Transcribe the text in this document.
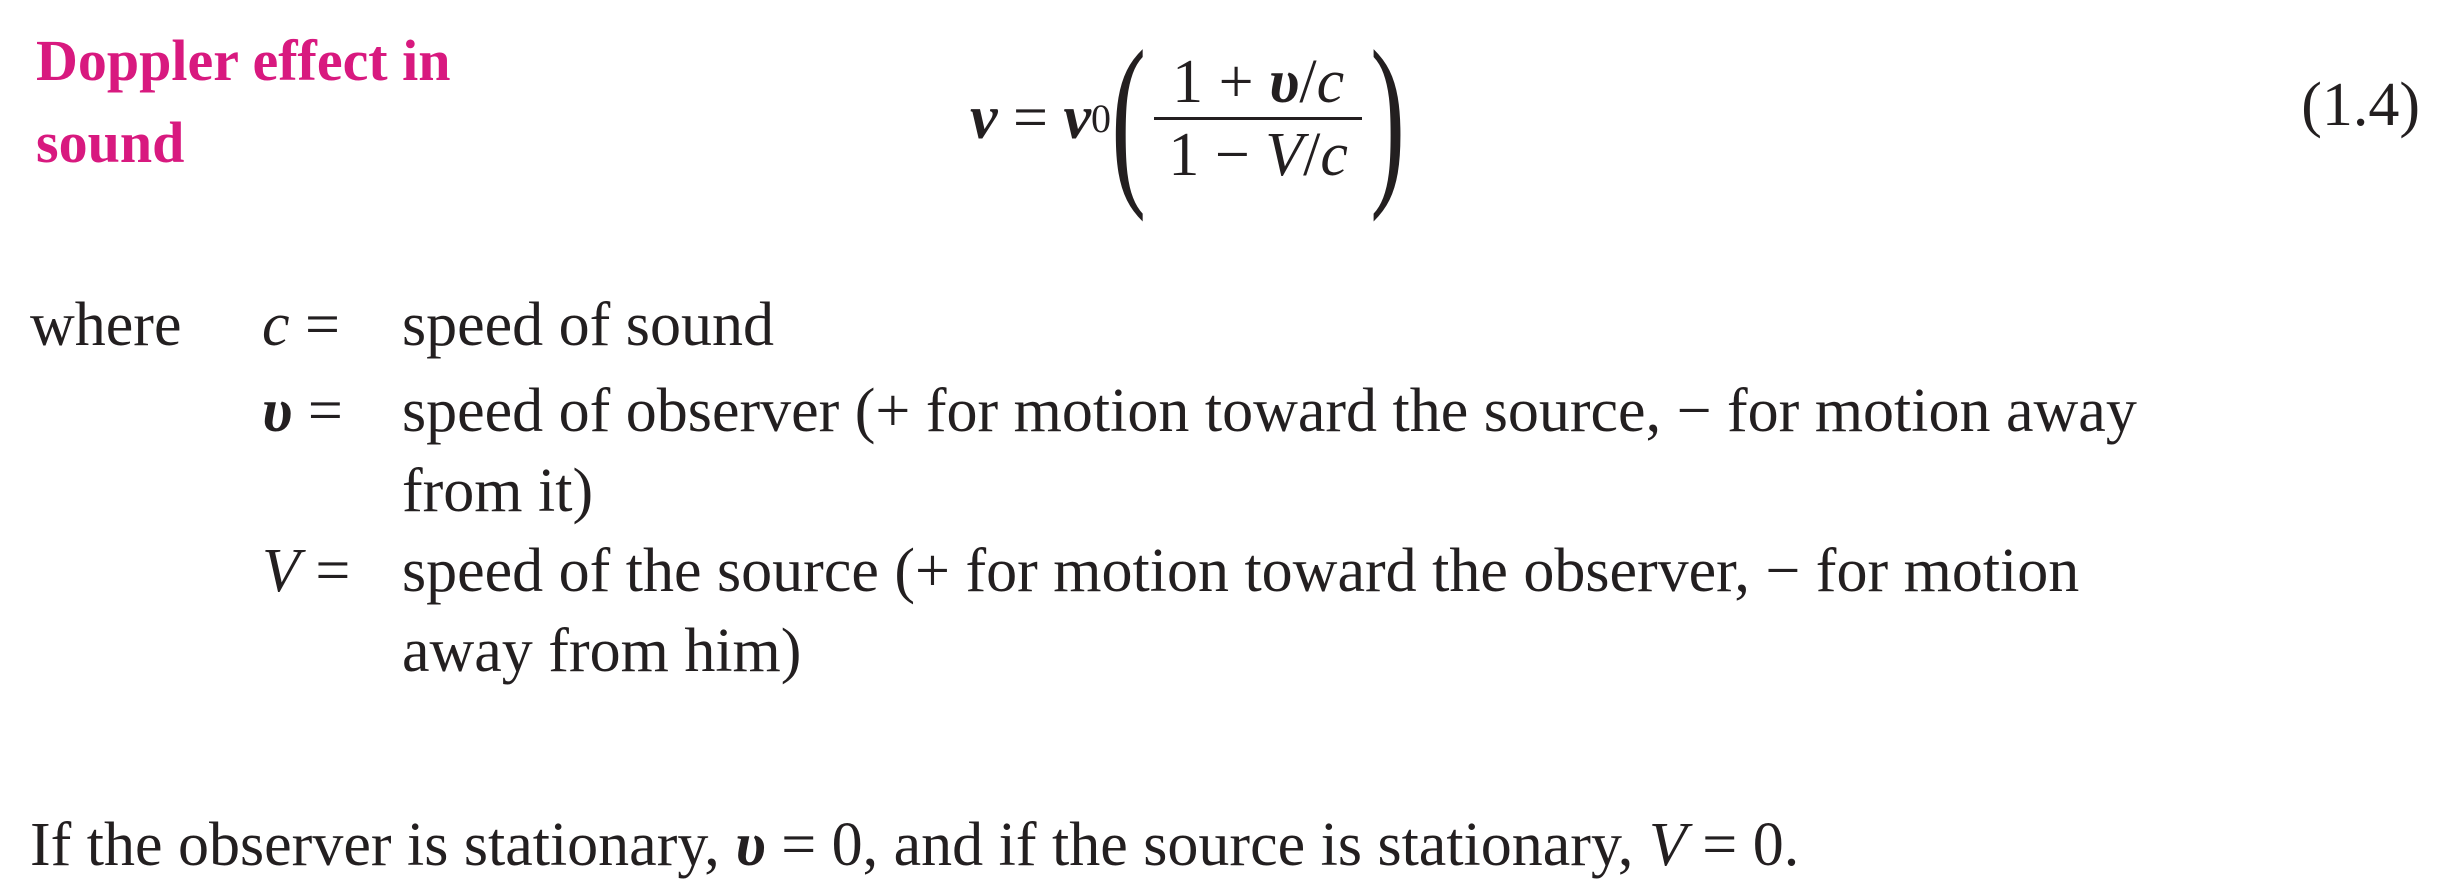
Doppler effect in
sound	ν = ν 0 ( $\frac{1 + \upsilon/c}{1 - V/c}$ )	(1.4)
where c =	speed of sound
υ = speed of observer (+ for motion toward the source, − for motion away
from it)
V = speed of the source (+ for motion toward the observer, − for motion
away from him)
If the observer is stationary, υ = 0, and if the source is stationary, V = 0.
